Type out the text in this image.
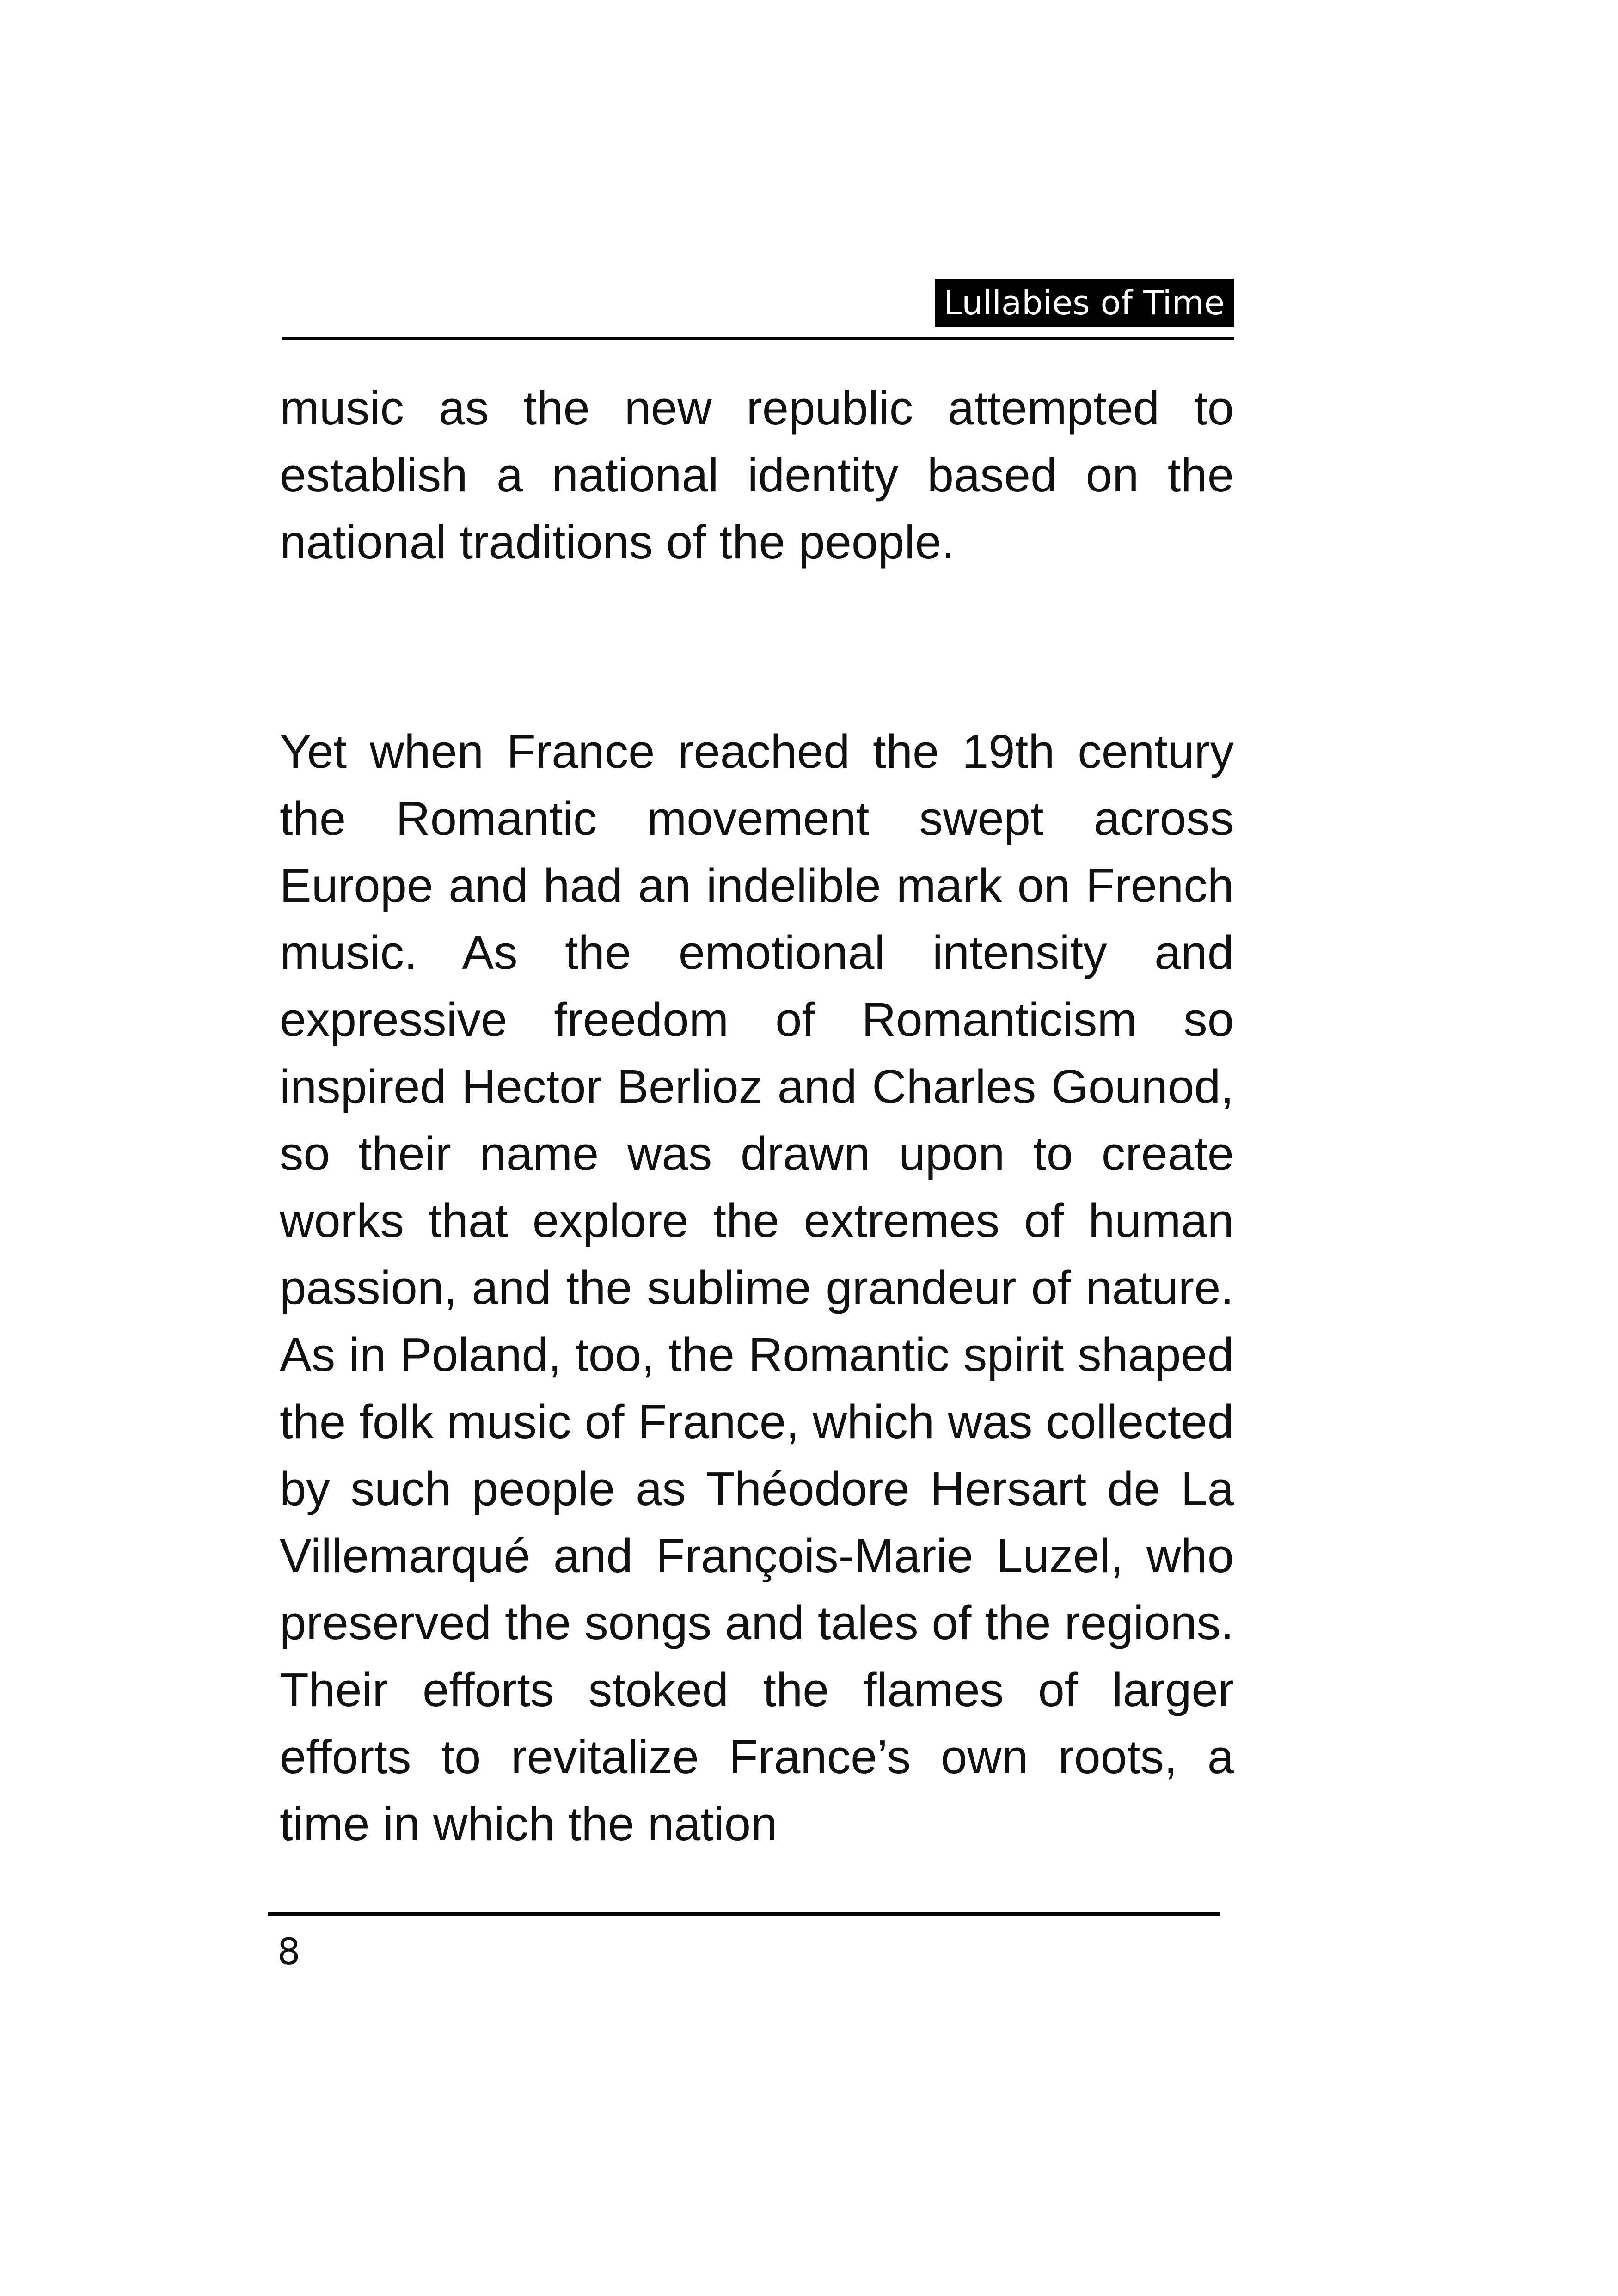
Lullabies of Time

music as the new republic attempted to establish a national identity based on the national traditions of the people.

Yet when France reached the 19th century the Romantic movement swept across Europe and had an indelible mark on French music. As the emotional intensity and expressive freedom of Romanticism so inspired Hector Berlioz and Charles Gounod, so their name was drawn upon to create works that explore the extremes of human passion, and the sublime grandeur of nature. As in Poland, too, the Romantic spirit shaped the folk music of France, which was collected by such people as Théodore Hersart de La Villemarqué and François-Marie Luzel, who preserved the songs and tales of the regions. Their efforts stoked the flames of larger efforts to revitalize France’s own roots, a time in which the nation

8
